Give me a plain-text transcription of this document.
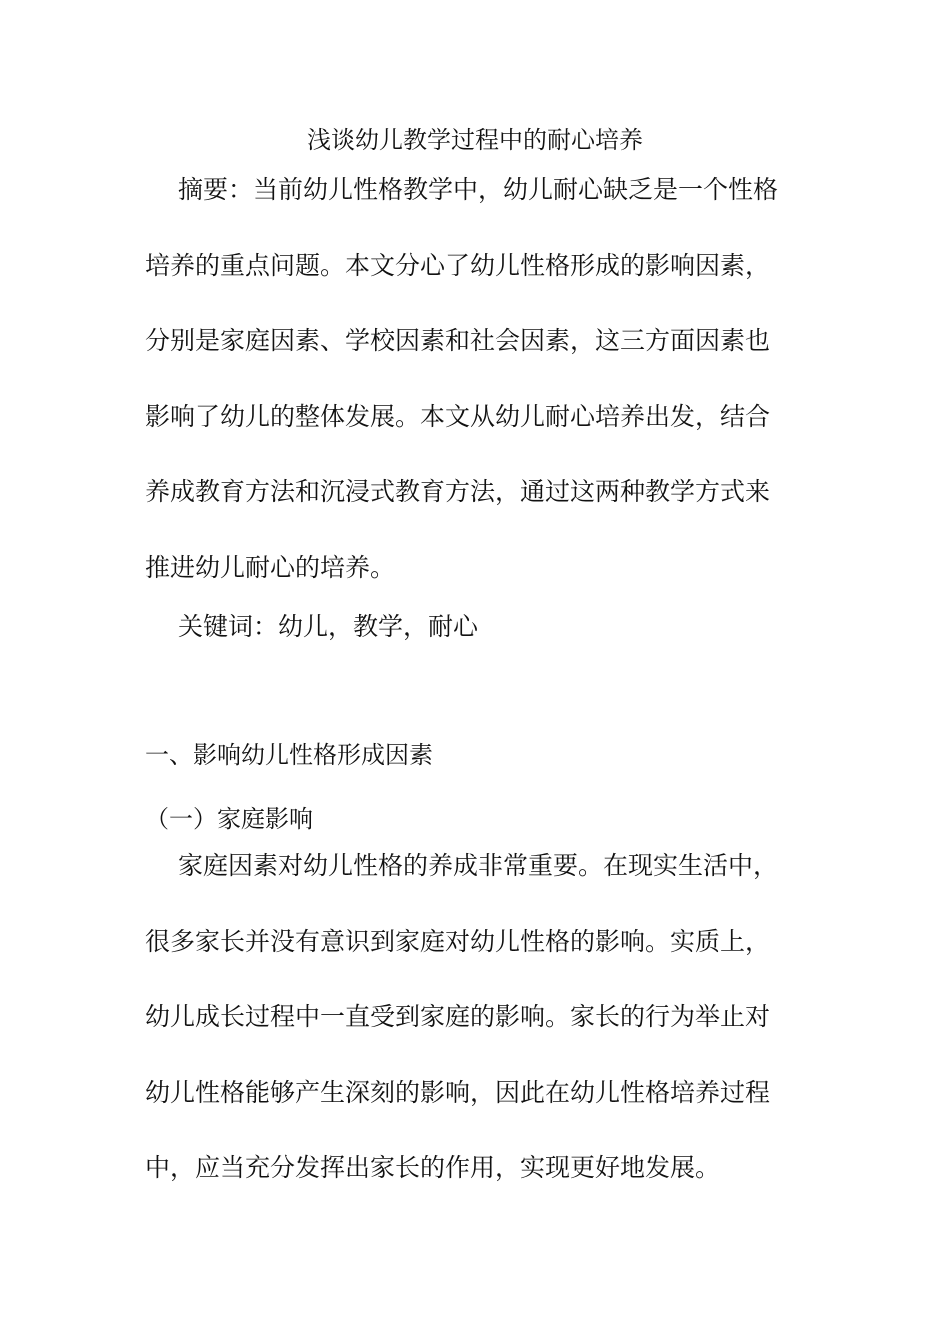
浅谈幼儿教学过程中的耐心培养
摘要：当前幼儿性格教学中，幼儿耐心缺乏是一个性格
培养的重点问题。本文分心了幼儿性格形成的影响因素，
分别是家庭因素、学校因素和社会因素，这三方面因素也
影响了幼儿的整体发展。本文从幼儿耐心培养出发，结合
养成教育方法和沉浸式教育方法，通过这两种教学方式来
推进幼儿耐心的培养。
关键词：幼儿，教学，耐心
一、影响幼儿性格形成因素
（一）家庭影响
家庭因素对幼儿性格的养成非常重要。在现实生活中，
很多家长并没有意识到家庭对幼儿性格的影响。实质上，
幼儿成长过程中一直受到家庭的影响。家长的行为举止对
幼儿性格能够产生深刻的影响，因此在幼儿性格培养过程
中，应当充分发挥出家长的作用，实现更好地发展。
